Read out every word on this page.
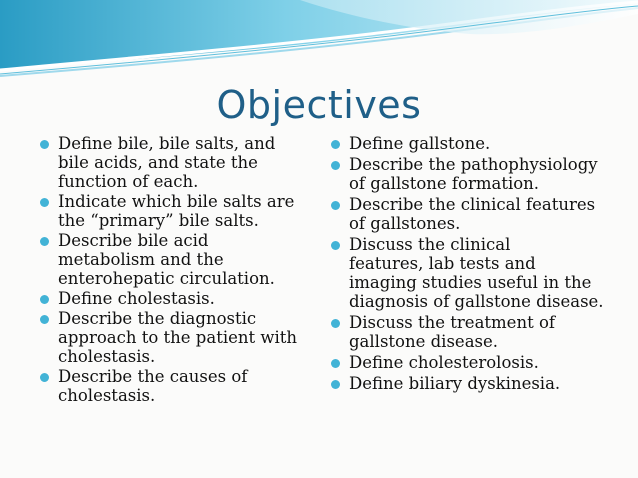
Objectives
Define bile, bile salts, and
bile acids, and state the
function of each.
Indicate which bile salts are
the “primary” bile salts.
Describe bile acid
metabolism and the
enterohepatic circulation.
Define cholestasis.
Describe the diagnostic
approach to the patient with
cholestasis.
Describe the causes of
cholestasis.
Define gallstone.
Describe the pathophysiology
of gallstone formation.
Describe the clinical features
of gallstones.
Discuss the clinical
features, lab tests and
imaging studies useful in the
diagnosis of gallstone disease.
Discuss the treatment of
gallstone disease.
Define cholesterolosis.
Define biliary dyskinesia.
